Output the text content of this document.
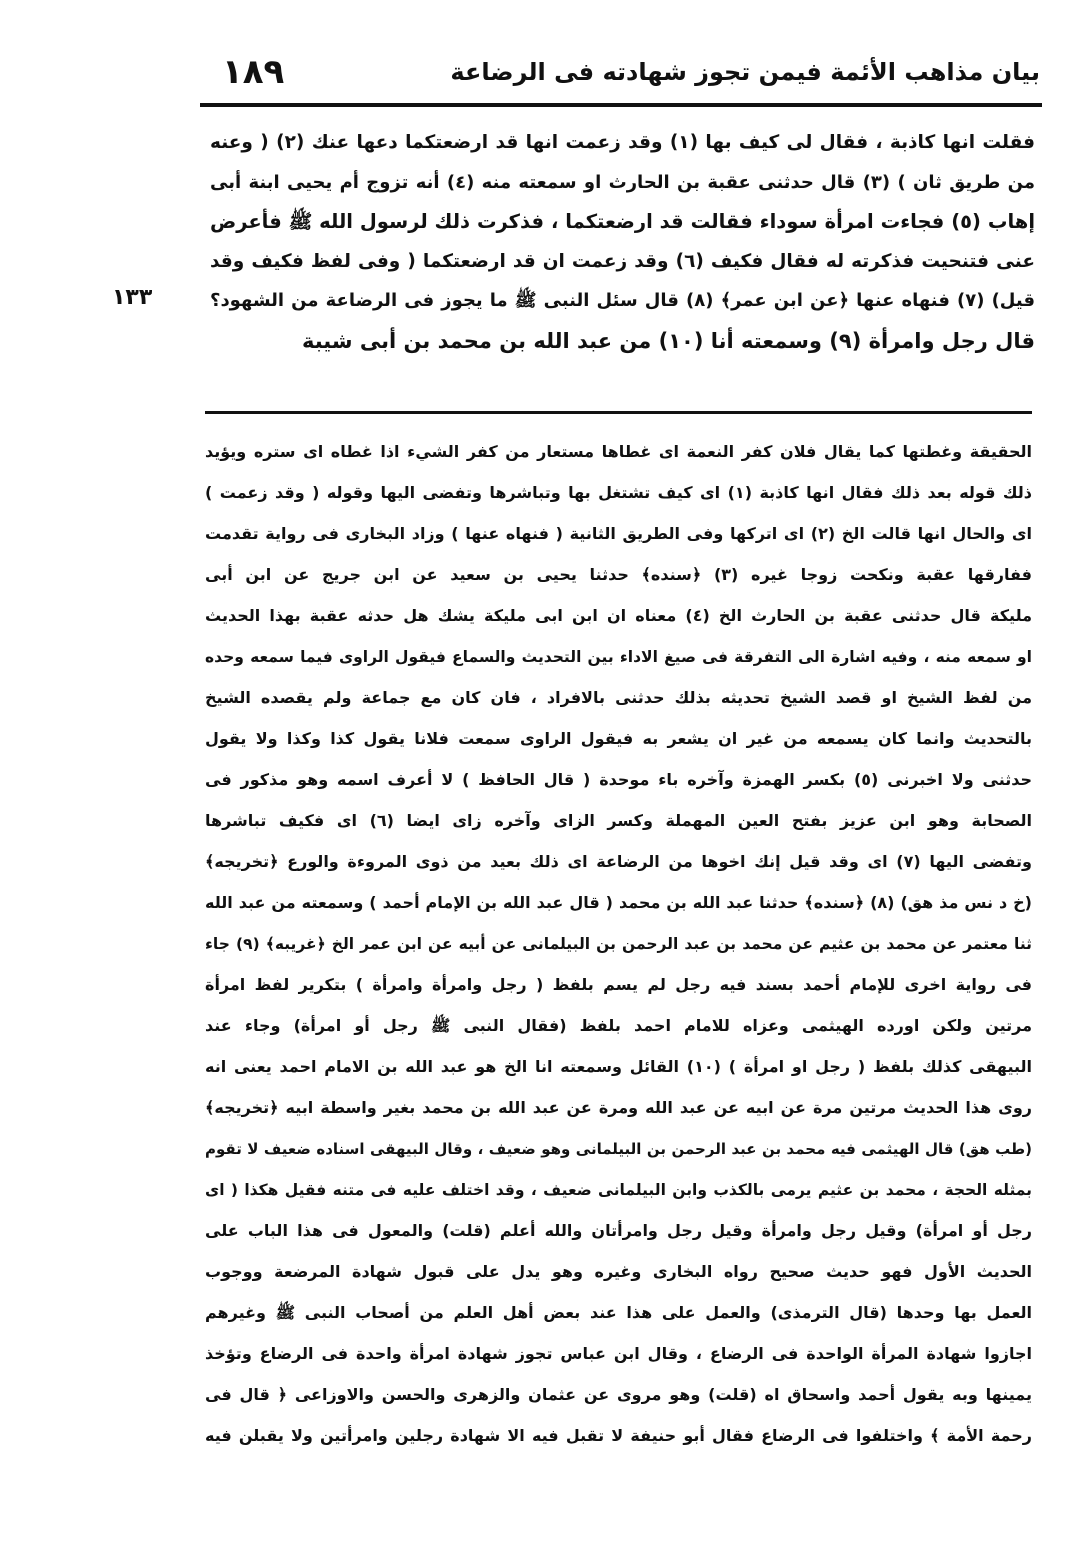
بيان مذاهب الأئمة فيمن تجوز شهادته فى الرضاعة
١٨٩
١٣٣
فقلت انها كاذبة ، فقال لى كيف بها (١) وقد زعمت انها قد ارضعتكما دعها عنك (٢) ( وعنه
من طريق ثان ) (٣) قال حدثنى عقبة بن الحارث او سمعته منه (٤) أنه تزوج أم يحيى ابنة أبى
إهاب (٥) فجاءت امرأة سوداء فقالت قد ارضعتكما ، فذكرت ذلك لرسول الله ﷺ فأعرض
عنى فتنحيت فذكرته له فقال فكيف (٦) وقد زعمت ان قد ارضعتكما ( وفى لفظ فكيف وقد
قيل) (٧) فنهاه عنها ﴿عن ابن عمر﴾ (٨) قال سئل النبى ﷺ ما يجوز فى الرضاعة من الشهود؟
قال رجل وامرأة (٩) وسمعته أنا (١٠) من عبد الله بن محمد بن أبى شيبة
الحقيقة وغطتها كما يقال فلان كفر النعمة اى غطاها مستعار من كفر الشيء اذا غطاه اى ستره ويؤيد
ذلك قوله بعد ذلك فقال انها كاذبة (١) اى كيف تشتغل بها وتباشرها وتفضى اليها وقوله ( وقد زعمت )
اى والحال انها قالت الخ (٢) اى اتركها وفى الطريق الثانية ( فنهاه عنها ) وزاد البخارى فى رواية تقدمت
ففارقها عقبة ونكحت زوجا غيره (٣) ﴿سنده﴾ حدثنا يحيى بن سعيد عن ابن جريج عن ابن أبى
مليكة قال حدثنى عقبة بن الحارث الخ (٤) معناه ان ابن ابى مليكة يشك هل حدثه عقبة بهذا الحديث
او سمعه منه ، وفيه اشارة الى التفرقة فى صيغ الاداء بين التحديث والسماع فيقول الراوى فيما سمعه وحده
من لفظ الشيخ او قصد الشيخ تحديثه بذلك حدثنى بالافراد ، فان كان مع جماعة ولم يقصده الشيخ
بالتحديث وانما كان يسمعه من غير ان يشعر به فيقول الراوى سمعت فلانا يقول كذا وكذا ولا يقول
حدثنى ولا اخبرنى (٥) بكسر الهمزة وآخره باء موحدة ( قال الحافظ ) لا أعرف اسمه وهو مذكور فى
الصحابة وهو ابن عزيز بفتح العين المهملة وكسر الزاى وآخره زاى ايضا (٦) اى فكيف تباشرها
وتفضى اليها (٧) اى وقد قيل إنك اخوها من الرضاعة اى ذلك بعيد من ذوى المروءة والورع ﴿تخريجه﴾
(خ د نس مذ هق) (٨) ﴿سنده﴾ حدثنا عبد الله بن محمد ( قال عبد الله بن الإمام أحمد ) وسمعته من عبد الله
ثنا معتمر عن محمد بن عثيم عن محمد بن عبد الرحمن بن البيلمانى عن أبيه عن ابن عمر الخ ﴿غريبه﴾ (٩) جاء
فى رواية اخرى للإمام أحمد بسند فيه رجل لم يسم بلفظ ( رجل وامرأة وامرأة ) بتكرير لفظ امرأة
مرتين ولكن اورده الهيثمى وعزاه للامام احمد بلفظ (فقال النبى ﷺ رجل أو امرأة) وجاء عند
البيهقى كذلك بلفظ ( رجل او امرأة ) (١٠) القائل وسمعته انا الخ هو عبد الله بن الامام احمد يعنى انه
روى هذا الحديث مرتين مرة عن ابيه عن عبد الله ومرة عن عبد الله بن محمد بغير واسطة ابيه ﴿تخريجه﴾
(طب هق) قال الهيثمى فيه محمد بن عبد الرحمن بن البيلمانى وهو ضعيف ، وقال البيهقى اسناده ضعيف لا تقوم
بمثله الحجة ، محمد بن عثيم يرمى بالكذب وابن البيلمانى ضعيف ، وقد اختلف عليه فى متنه فقيل هكذا ( اى
رجل أو امرأة) وقيل رجل وامرأة وقيل رجل وامرأتان والله أعلم (قلت) والمعول فى هذا الباب على
الحديث الأول فهو حديث صحيح رواه البخارى وغيره وهو يدل على قبول شهادة المرضعة ووجوب
العمل بها وحدها (قال الترمذى) والعمل على هذا عند بعض أهل العلم من أصحاب النبى ﷺ وغيرهم
اجازوا شهادة المرأة الواحدة فى الرضاع ، وقال ابن عباس تجوز شهادة امرأة واحدة فى الرضاع وتؤخذ
يمينها وبه يقول أحمد واسحاق اه (قلت) وهو مروى عن عثمان والزهرى والحسن والاوزاعى ﴿ قال فى
رحمة الأمة ﴾ واختلفوا فى الرضاع فقال أبو حنيفة لا تقبل فيه الا شهادة رجلين وامرأتين ولا يقبلن فيه
